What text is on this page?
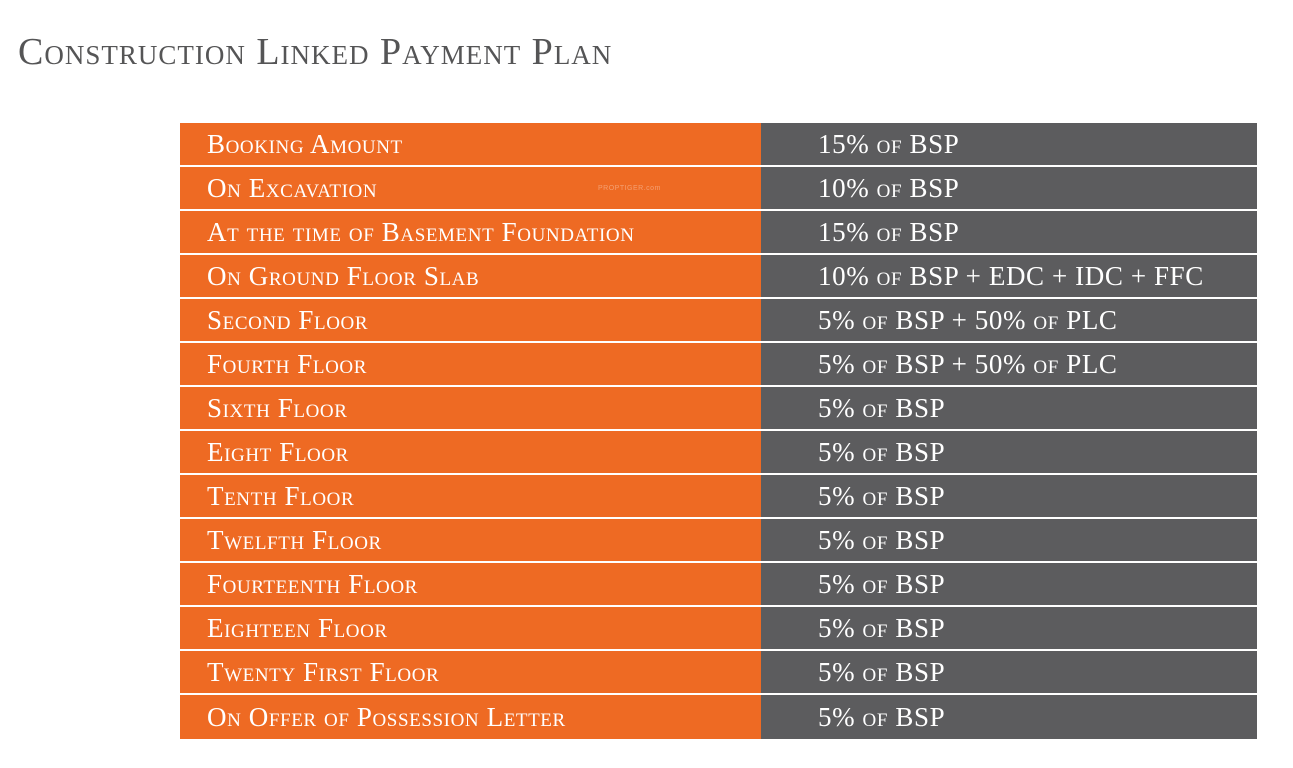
Construction Linked Payment Plan
Booking Amount	15% of BSP
On Excavation	10% of BSP
At the time of Basement Foundation	15% of BSP
On Ground Floor Slab	10% of BSP + EDC + IDC + FFC
Second Floor	5% of BSP + 50% of PLC
Fourth Floor	5% of BSP + 50% of PLC
Sixth Floor	5% of BSP
Eight Floor	5% of BSP
Tenth Floor	5% of BSP
Twelfth Floor	5% of BSP
Fourteenth Floor	5% of BSP
Eighteen Floor	5% of BSP
Twenty First Floor	5% of BSP
On Offer of Possession Letter	5% of BSP
PROPTIGER.com
